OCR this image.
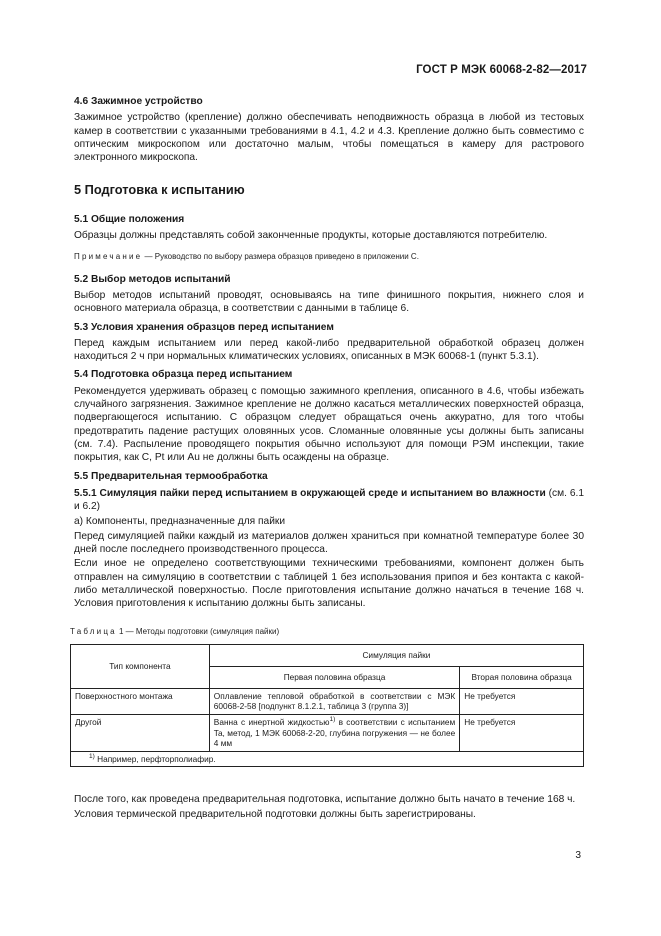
ГОСТ Р МЭК 60068-2-82—2017

4.6 Зажимное устройство

Зажимное устройство (крепление) должно обеспечивать неподвижность образца в любой из тестовых камер в соответствии с указанными требованиями в 4.1, 4.2 и 4.3. Крепление должно быть совместимо с оптическим микроскопом или достаточно малым, чтобы помещаться в камеру для растрового электронного микроскопа.

5 Подготовка к испытанию

5.1 Общие положения

Образцы должны представлять собой законченные продукты, которые доставляются потребителю.

Примечание — Руководство по выбору размера образцов приведено в приложении С.

5.2 Выбор методов испытаний

Выбор методов испытаний проводят, основываясь на типе финишного покрытия, нижнего слоя и основного материала образца, в соответствии с данными в таблице 6.

5.3 Условия хранения образцов перед испытанием

Перед каждым испытанием или перед какой-либо предварительной обработкой образец должен находиться 2 ч при нормальных климатических условиях, описанных в МЭК 60068-1 (пункт 5.3.1).

5.4 Подготовка образца перед испытанием

Рекомендуется удерживать образец с помощью зажимного крепления, описанного в 4.6, чтобы избежать случайного загрязнения. Зажимное крепление не должно касаться металлических поверхностей образца, подвергающегося испытанию. С образцом следует обращаться очень аккуратно, для того чтобы предотвратить падение растущих оловянных усов. Сломанные оловянные усы должны быть записаны (см. 7.4). Распыление проводящего покрытия обычно используют для помощи РЭМ инспекции, такие покрытия, как C, Pt или Au не должны быть осаждены на образце.

5.5 Предварительная термообработка

5.5.1 Симуляция пайки перед испытанием в окружающей среде и испытанием во влажности (см. 6.1 и 6.2)

а) Компоненты, предназначенные для пайки

Перед симуляцией пайки каждый из материалов должен храниться при комнатной температуре более 30 дней после последнего производственного процесса.

Если иное не определено соответствующими техническими требованиями, компонент должен быть отправлен на симуляцию в соответствии с таблицей 1 без использования припоя и без контакта с какой-либо металлической поверхностью. После приготовления испытание должно начаться в течение 168 ч. Условия приготовления к испытанию должны быть записаны.

Таблица 1 — Методы подготовки (симуляция пайки)

Тип компонента	Симуляция пайки	
	Первая половина образца	Вторая половина образца
Поверхностного монтажа	Оплавление тепловой обработкой в соответствии с МЭК 60068-2-58 [подпункт 8.1.2.1, таблица 3 (группа 3)]	Не требуется
Другой	Ванна с инертной жидкостью$^{1)}$ в соответствии с испытанием Ta, метод, 1 МЭК 60068-2-20, глубина погружения — не более 4 мм	Не требуется
$^{1)}$ Например, перфторполиафир.		

После того, как проведена предварительная подготовка, испытание должно быть начато в течение 168 ч.

Условия термической предварительной подготовки должны быть зарегистрированы.

3
